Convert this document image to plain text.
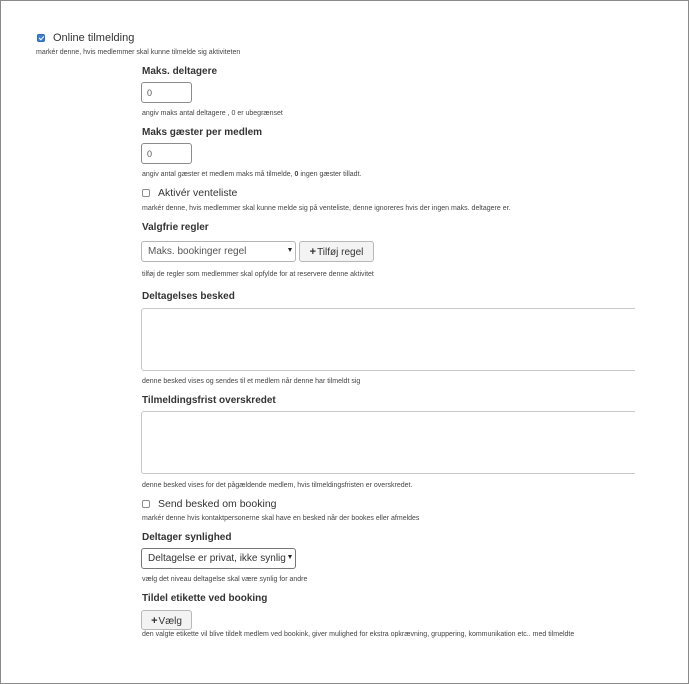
Online tilmelding
markér denne, hvis medlemmer skal kunne tilmelde sig aktiviteten
Maks. deltagere
0
angiv maks antal deltagere , 0 er ubegrænset
Maks gæster per medlem
0
angiv antal gæster et medlem maks må tilmelde, 0 ingen gæster tilladt.
Aktivér venteliste
markér denne, hvis medlemmer skal kunne melde sig på venteliste, denne ignoreres hvis der ingen maks. deltagere er.
Valgfrie regler
Maks. bookinger regel	+Tilføj regel
tilføj de regler som medlemmer skal opfylde for at reservere denne aktivitet
Deltagelses besked
denne besked vises og sendes til et medlem når denne har tilmeldt sig
Tilmeldingsfrist overskredet
denne besked vises for det pågældende medlem, hvis tilmeldingsfristen er overskredet.
Send besked om booking
markér denne hvis kontaktpersonerne skal have en besked når der bookes eller afmeldes
Deltager synlighed
Deltagelse er privat, ikke synlig
vælg det niveau deltagelse skal være synlig for andre
Tildel etikette ved booking
+Vælg
den valgte etikette vil blive tildelt medlem ved bookink, giver mulighed for ekstra opkrævning, gruppering, kommunikation etc.. med tilmeldte
